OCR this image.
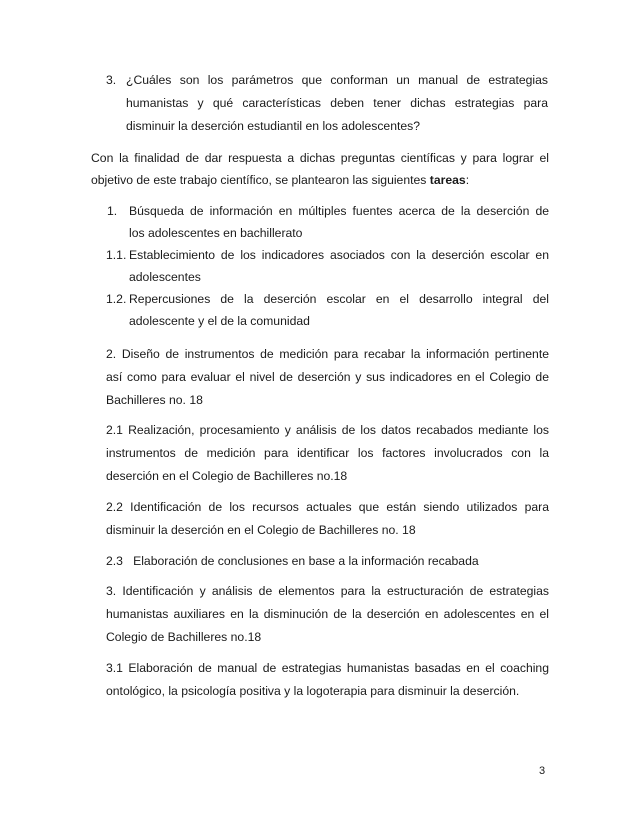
3. ¿Cuáles son los parámetros que conforman un manual de estrategias
humanistas y qué características deben tener dichas estrategias para
disminuir la deserción estudiantil en los adolescentes?
Con la finalidad de dar respuesta a dichas preguntas científicas y para lograr el
objetivo de este trabajo científico, se plantearon las siguientes tareas:
1. Búsqueda de información en múltiples fuentes acerca de la deserción de
los adolescentes en bachillerato
1.1. Establecimiento de los indicadores asociados con la deserción escolar en
adolescentes
1.2. Repercusiones de la deserción escolar en el desarrollo integral del
adolescente y el de la comunidad
2. Diseño de instrumentos de medición para recabar la información pertinente
así como para evaluar el nivel de deserción y sus indicadores en el Colegio de
Bachilleres no. 18
2.1 Realización, procesamiento y análisis de los datos recabados mediante los
instrumentos de medición para identificar los factores involucrados con la
deserción en el Colegio de Bachilleres no.18
2.2 Identificación de los recursos actuales que están siendo utilizados para
disminuir la deserción en el Colegio de Bachilleres no. 18
2.3   Elaboración de conclusiones en base a la información recabada
3. Identificación y análisis de elementos para la estructuración de estrategias
humanistas auxiliares en la disminución de la deserción en adolescentes en el
Colegio de Bachilleres no.18
3.1 Elaboración de manual de estrategias humanistas basadas en el coaching
ontológico, la psicología positiva y la logoterapia para disminuir la deserción.
3
